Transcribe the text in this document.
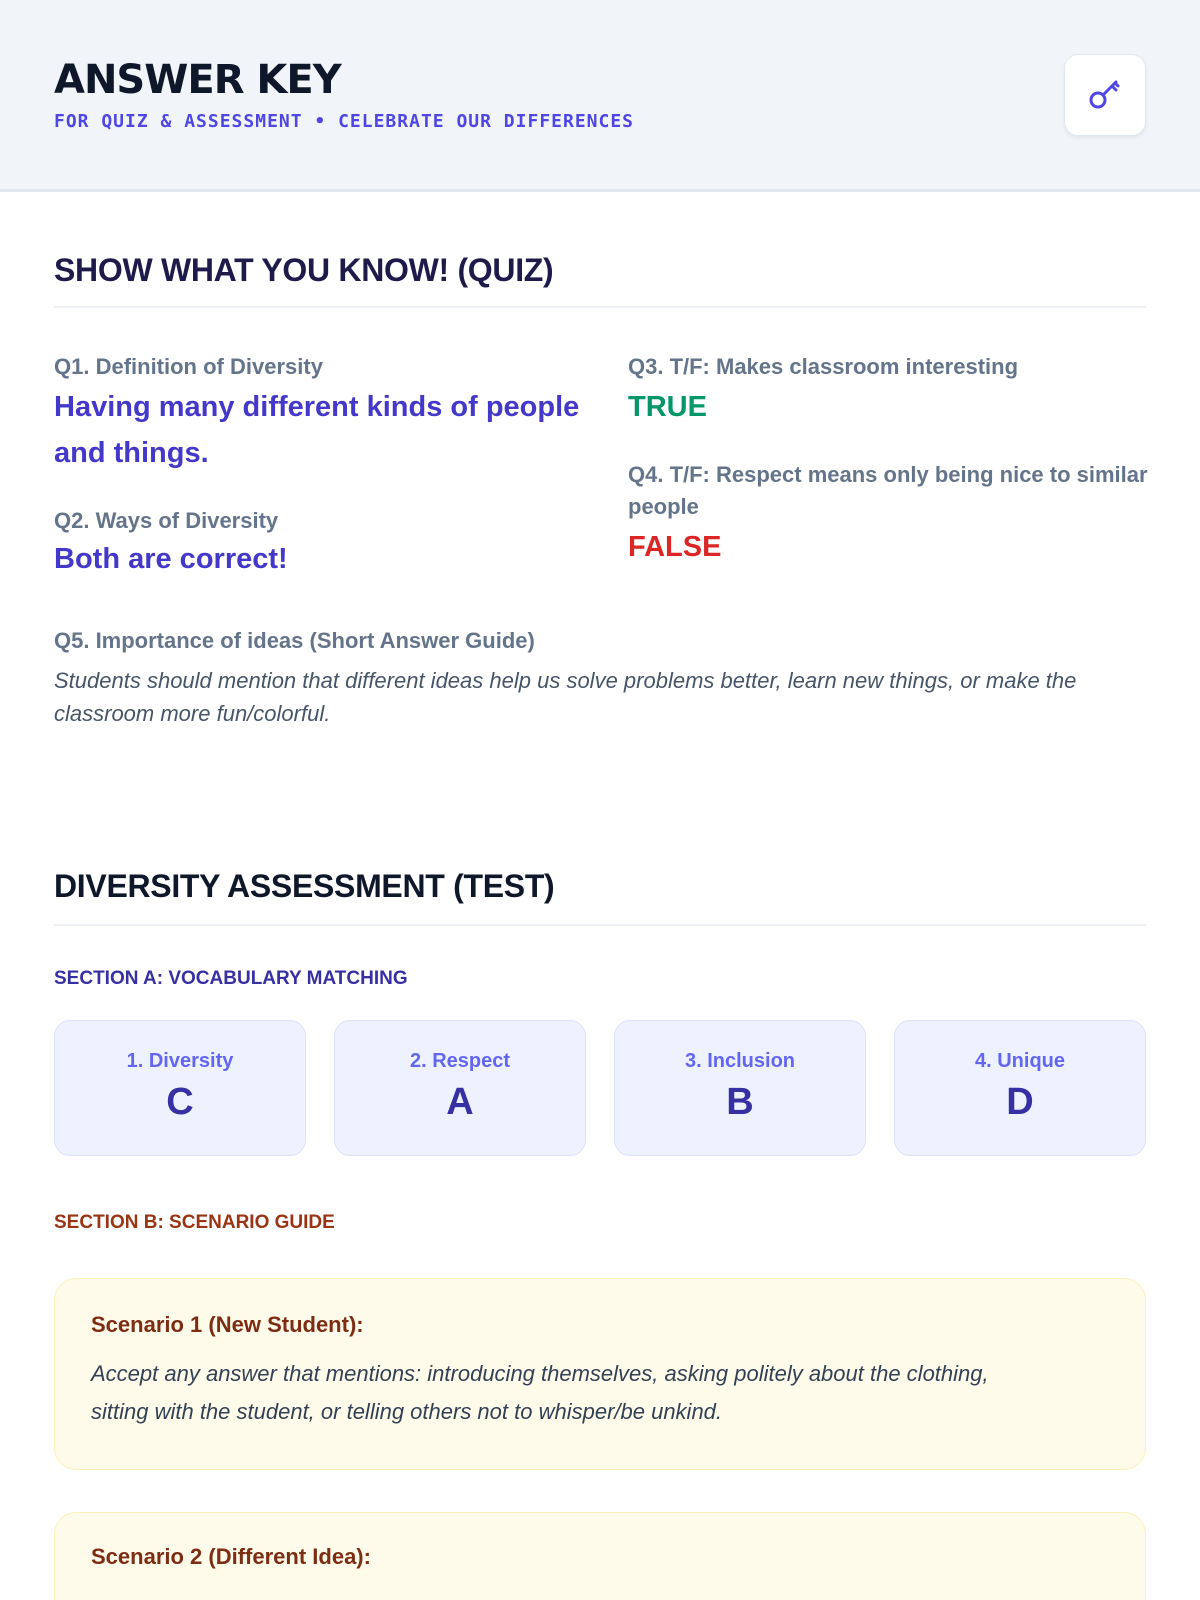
ANSWER KEY
FOR QUIZ & ASSESSMENT • CELEBRATE OUR DIFFERENCES
SHOW WHAT YOU KNOW! (QUIZ)
Q1. Definition of Diversity
Having many different kinds of people
and things.
Q2. Ways of Diversity
Both are correct!
Q3. T/F: Makes classroom interesting
TRUE
Q4. T/F: Respect means only being nice to similar
people
FALSE
Q5. Importance of ideas (Short Answer Guide)
Students should mention that different ideas help us solve problems better, learn new things, or make the
classroom more fun/colorful.
DIVERSITY ASSESSMENT (TEST)
SECTION A: VOCABULARY MATCHING
1. Diversity
C
2. Respect
A
3. Inclusion
B
4. Unique
D
SECTION B: SCENARIO GUIDE
Scenario 1 (New Student):
Accept any answer that mentions: introducing themselves, asking politely about the clothing,
sitting with the student, or telling others not to whisper/be unkind.
Scenario 2 (Different Idea):
